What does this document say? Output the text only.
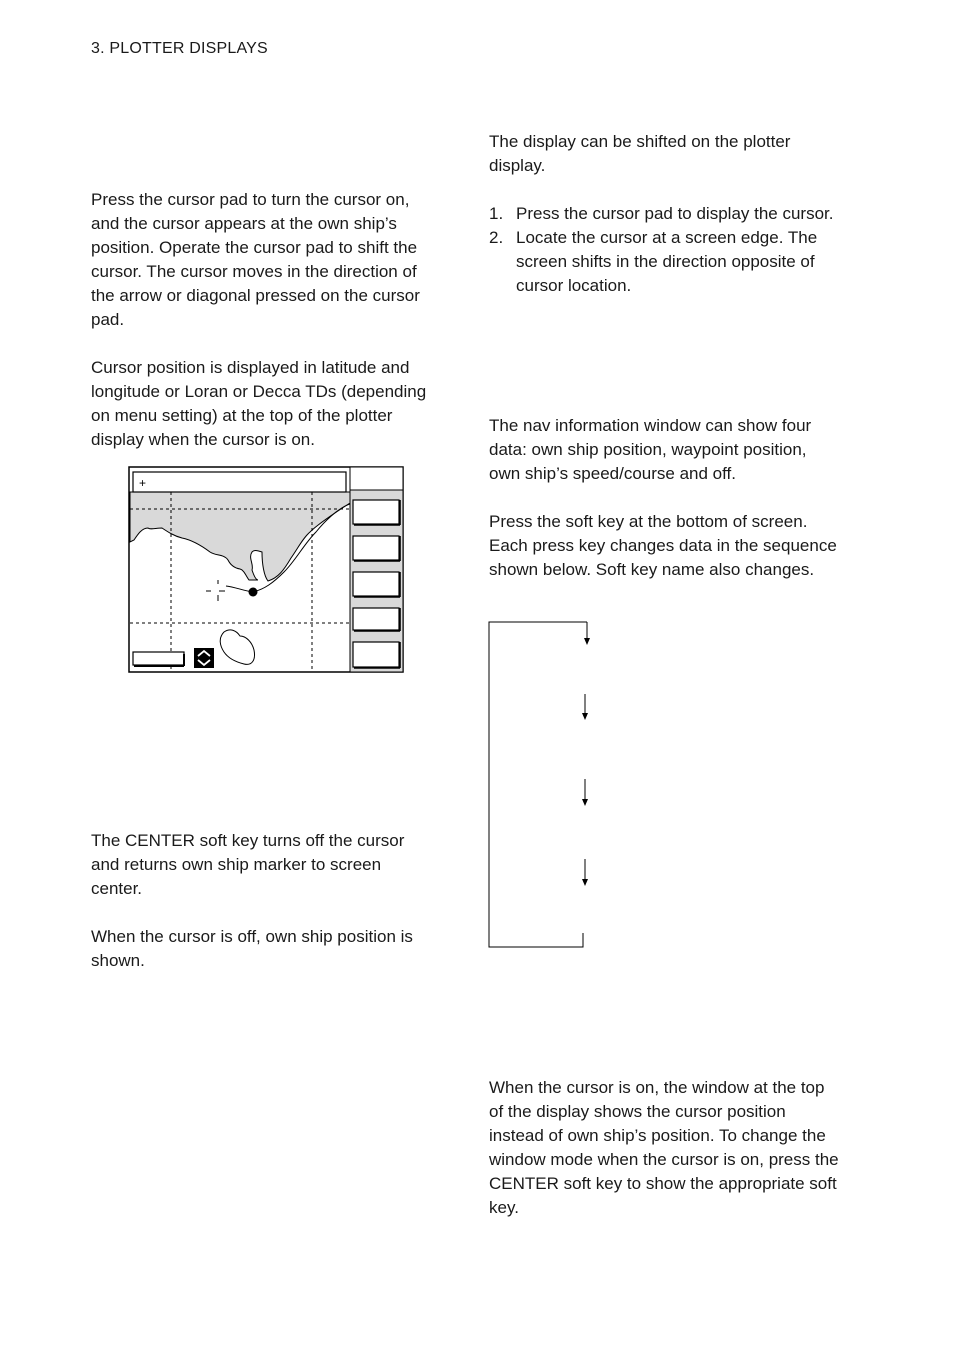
3. PLOTTER DISPLAYS

Press the cursor pad to turn the cursor on, and the cursor appears at the own ship’s position. Operate the cursor pad to shift the cursor. The cursor moves in the direction of the arrow or diagonal pressed on the cursor pad.

Cursor position is displayed in latitude and longitude or Loran or Decca TDs (depending on menu setting) at the top of the plotter display when the cursor is on.

+

The CENTER soft key turns off the cursor and returns own ship marker to screen center.

When the cursor is off, own ship position is shown.

The display can be shifted on the plotter display.

1. Press the cursor pad to display the cursor.
2. Locate the cursor at a screen edge. The screen shifts in the direction opposite of cursor location.

The nav information window can show four data: own ship position, waypoint position, own ship’s speed/course and off.

Press the soft key at the bottom of screen. Each press key changes data in the sequence shown below. Soft key name also changes.

When the cursor is on, the window at the top of the display shows the cursor position instead of own ship’s position. To change the window mode when the cursor is on, press the CENTER soft key to show the appropriate soft key.
